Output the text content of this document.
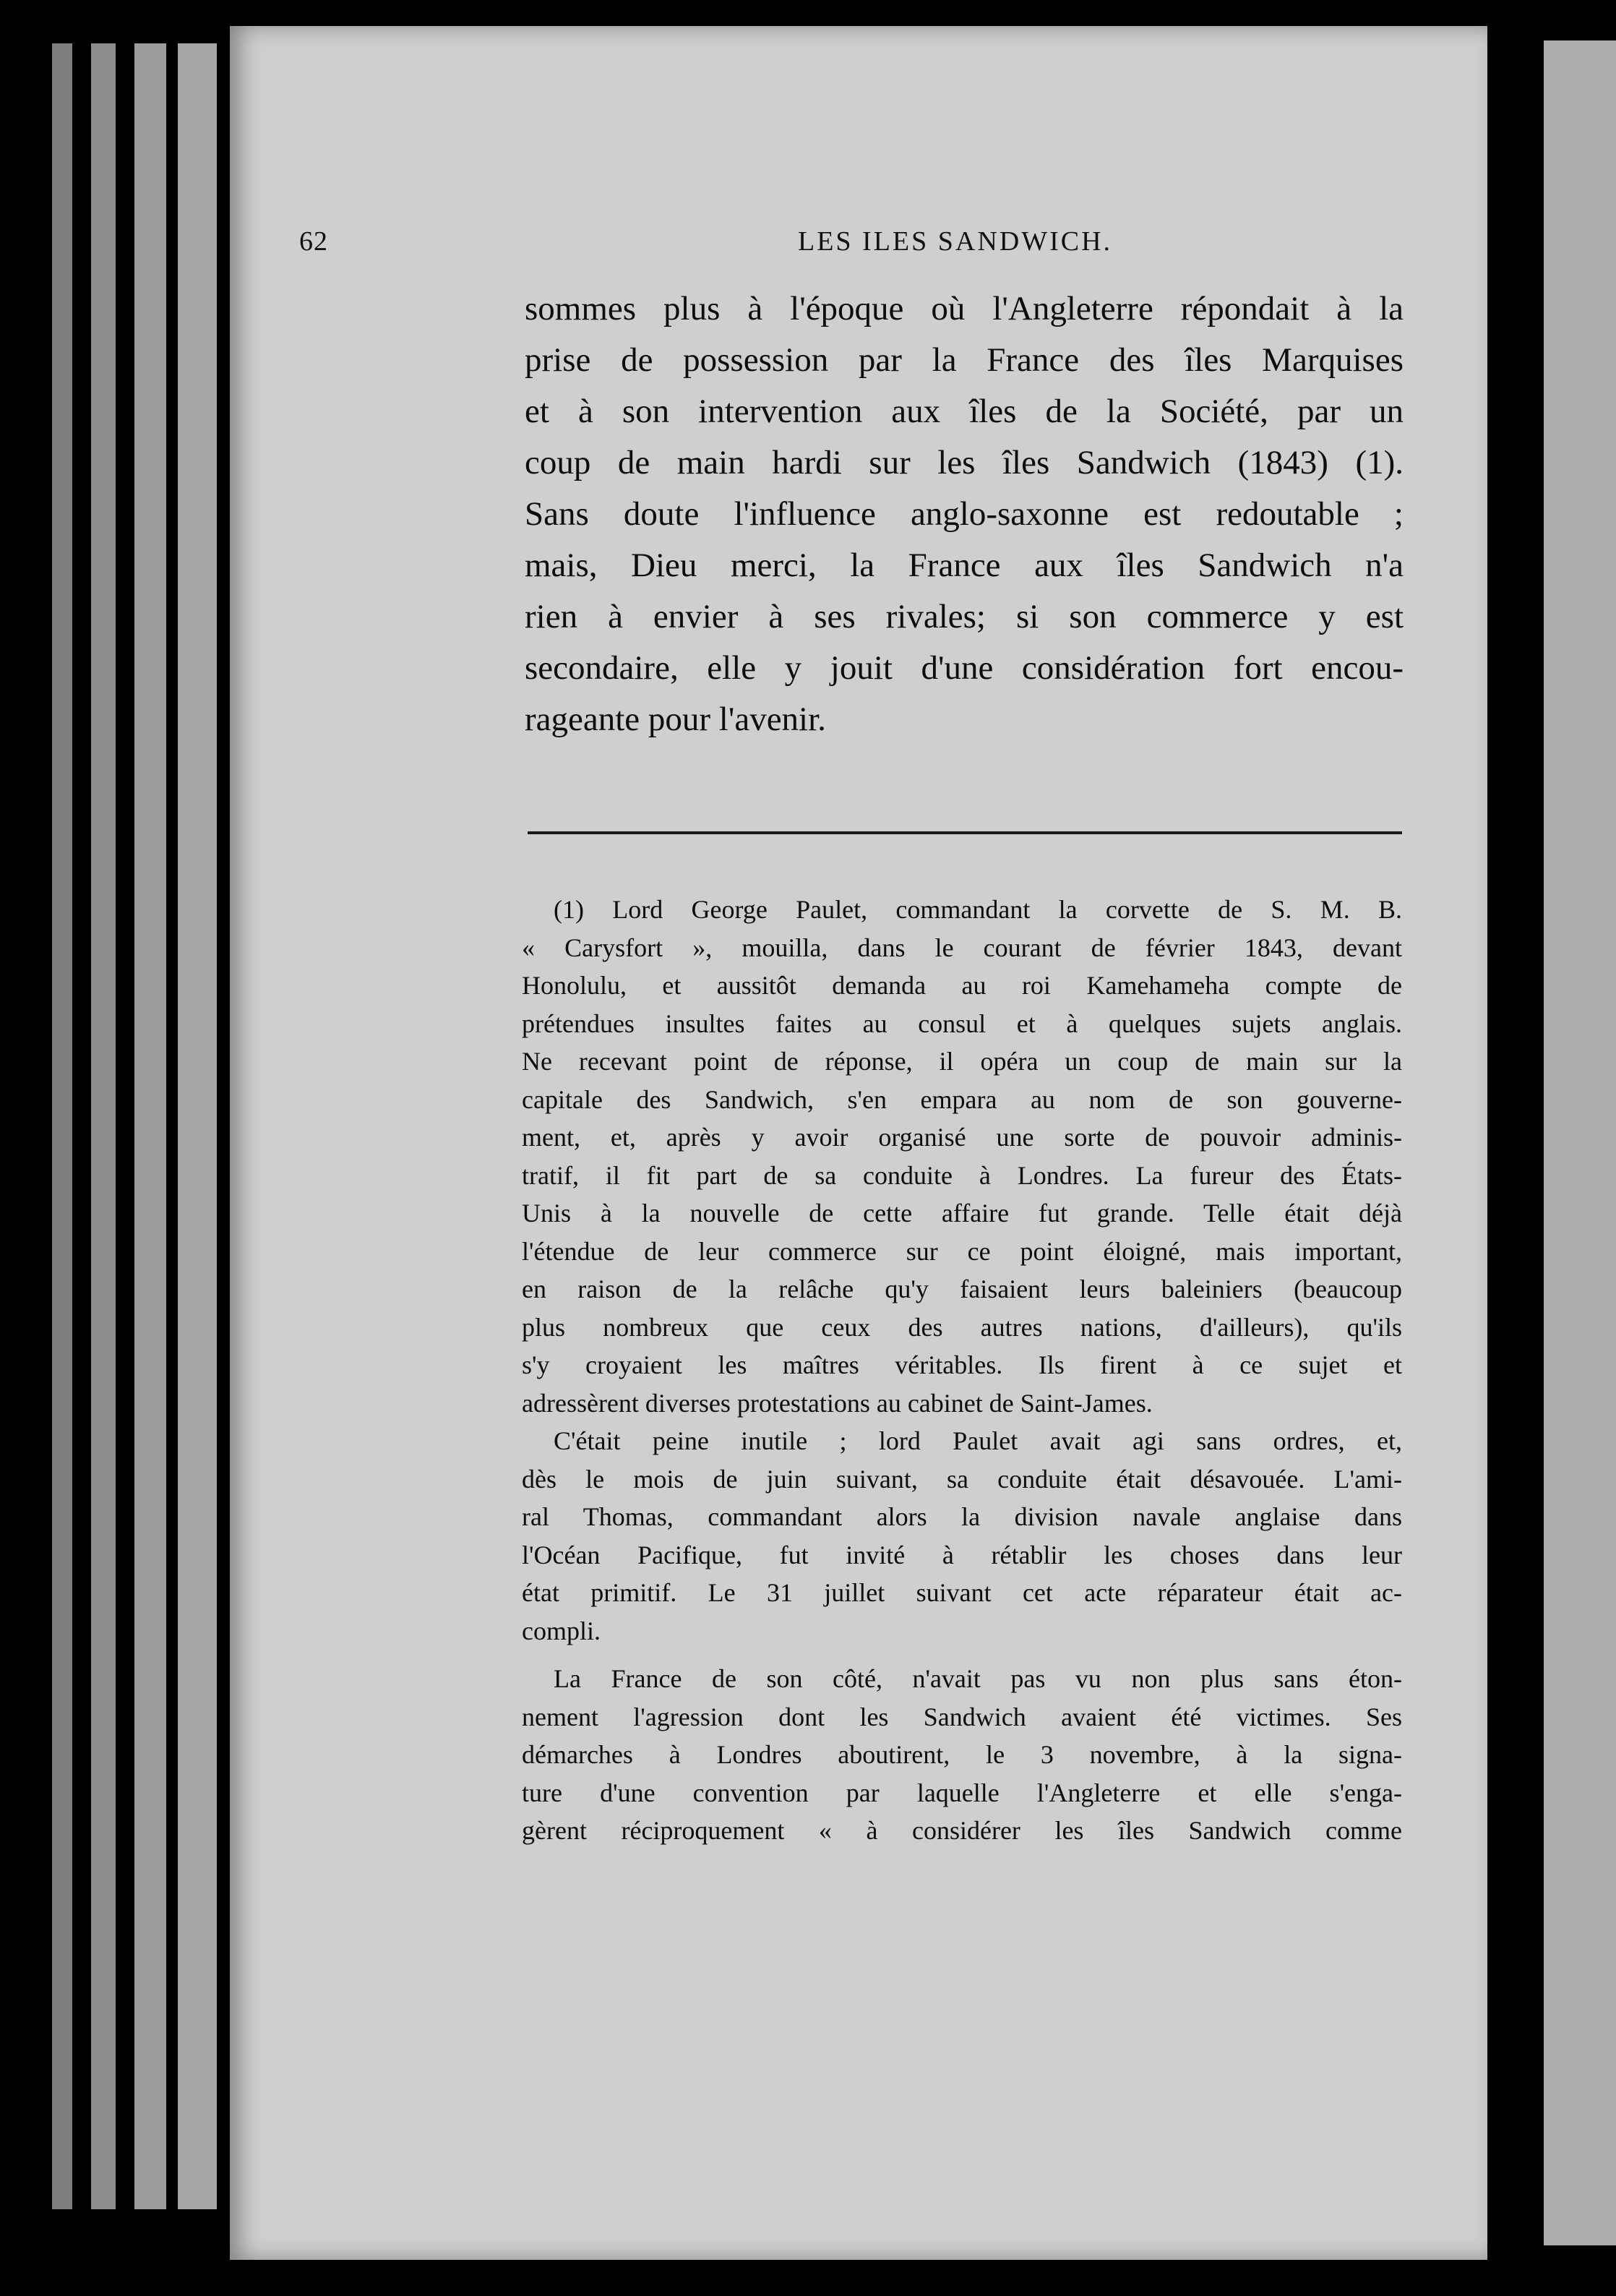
62	LES ILES SANDWICH.
sommes plus à l'époque où l'Angleterre répondait à la
prise de possession par la France des îles Marquises
et à son intervention aux îles de la Société, par un
coup de main hardi sur les îles Sandwich (1843) (1).
Sans doute l'influence anglo-saxonne est redoutable ;
mais, Dieu merci, la France aux îles Sandwich n'a
rien à envier à ses rivales; si son commerce y est
secondaire, elle y jouit d'une considération fort encou-
rageante pour l'avenir.
(1) Lord George Paulet, commandant la corvette de S. M. B.
« Carysfort », mouilla, dans le courant de février 1843, devant
Honolulu, et aussitôt demanda au roi Kamehameha compte de
prétendues insultes faites au consul et à quelques sujets anglais.
Ne recevant point de réponse, il opéra un coup de main sur la
capitale des Sandwich, s'en empara au nom de son gouverne-
ment, et, après y avoir organisé une sorte de pouvoir adminis-
tratif, il fit part de sa conduite à Londres. La fureur des États-
Unis à la nouvelle de cette affaire fut grande. Telle était déjà
l'étendue de leur commerce sur ce point éloigné, mais important,
en raison de la relâche qu'y faisaient leurs baleiniers (beaucoup
plus nombreux que ceux des autres nations, d'ailleurs), qu'ils
s'y croyaient les maîtres véritables. Ils firent à ce sujet et
adressèrent diverses protestations au cabinet de Saint-James.
C'était peine inutile ; lord Paulet avait agi sans ordres, et,
dès le mois de juin suivant, sa conduite était désavouée. L'ami-
ral Thomas, commandant alors la division navale anglaise dans
l'Océan Pacifique, fut invité à rétablir les choses dans leur
état primitif. Le 31 juillet suivant cet acte réparateur était ac-
compli.
La France de son côté, n'avait pas vu non plus sans éton-
nement l'agression dont les Sandwich avaient été victimes. Ses
démarches à Londres aboutirent, le 3 novembre, à la signa-
ture d'une convention par laquelle l'Angleterre et elle s'enga-
gèrent réciproquement « à considérer les îles Sandwich comme
